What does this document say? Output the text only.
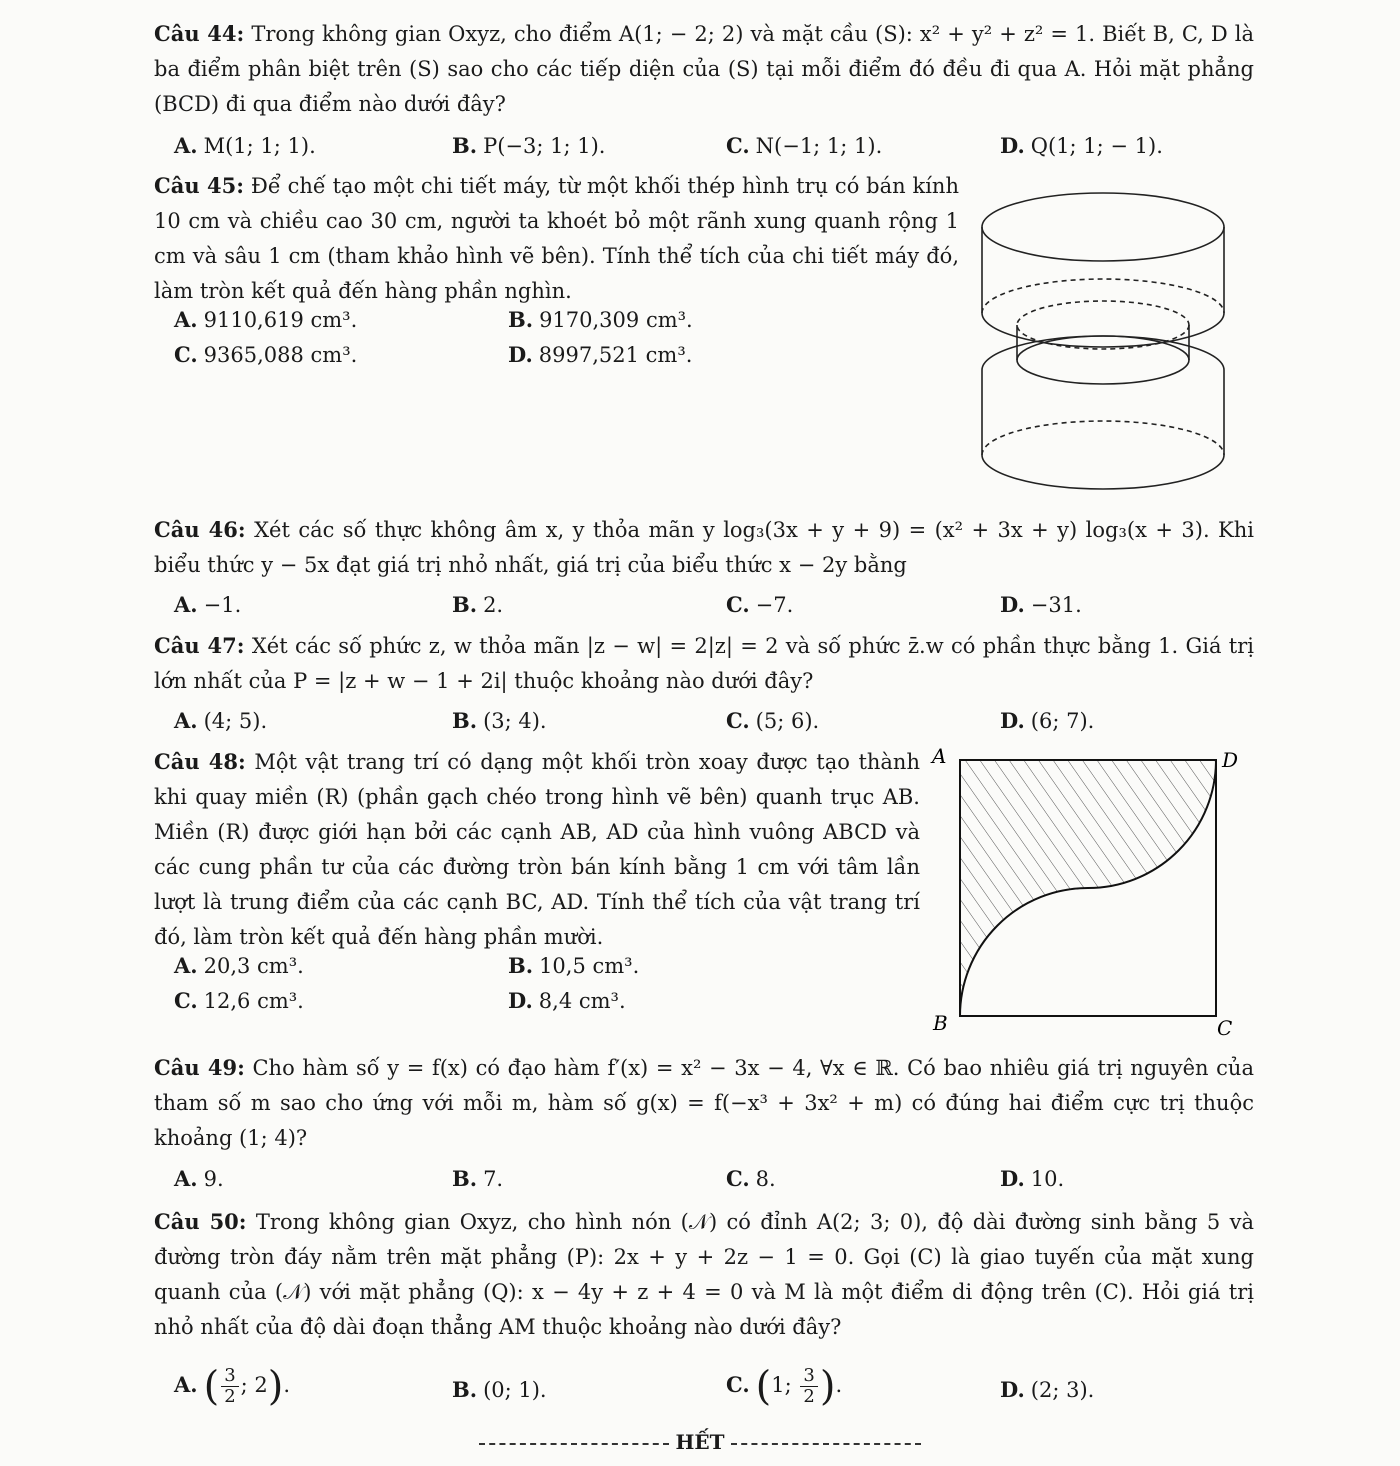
Câu 44: Trong không gian Oxyz, cho điểm A(1; − 2; 2) và mặt cầu (S): x² + y² + z² = 1. Biết B, C, D là ba điểm phân biệt trên (S) sao cho các tiếp diện của (S) tại mỗi điểm đó đều đi qua A. Hỏi mặt phẳng (BCD) đi qua điểm nào dưới đây?

A. M(1; 1; 1).	B. P(−3; 1; 1).	C. N(−1; 1; 1).	D. Q(1; 1; − 1).

Câu 45: Để chế tạo một chi tiết máy, từ một khối thép hình trụ có bán kính 10 cm và chiều cao 30 cm, người ta khoét bỏ một rãnh xung quanh rộng 1 cm và sâu 1 cm (tham khảo hình vẽ bên). Tính thể tích của chi tiết máy đó, làm tròn kết quả đến hàng phần nghìn.

A. 9110,619 cm³.	B. 9170,309 cm³.
C. 9365,088 cm³.	D. 8997,521 cm³.

Câu 46: Xét các số thực không âm x, y thỏa mãn y log₃(3x + y + 9) = (x² + 3x + y) log₃(x + 3). Khi biểu thức y − 5x đạt giá trị nhỏ nhất, giá trị của biểu thức x − 2y bằng

A. −1.	B. 2.	C. −7.	D. −31.

Câu 47: Xét các số phức z, w thỏa mãn |z − w| = 2|z| = 2 và số phức z̄.w có phần thực bằng 1. Giá trị lớn nhất của P = |z + w − 1 + 2i| thuộc khoảng nào dưới đây?

A. (4; 5).	B. (3; 4).	C. (5; 6).	D. (6; 7).

Câu 48: Một vật trang trí có dạng một khối tròn xoay được tạo thành khi quay miền (R) (phần gạch chéo trong hình vẽ bên) quanh trục AB. Miền (R) được giới hạn bởi các cạnh AB, AD của hình vuông ABCD và các cung phần tư của các đường tròn bán kính bằng 1 cm với tâm lần lượt là trung điểm của các cạnh BC, AD. Tính thể tích của vật trang trí đó, làm tròn kết quả đến hàng phần mười.

A. 20,3 cm³.	B. 10,5 cm³.
C. 12,6 cm³.	D. 8,4 cm³.
A	D
B	C

Câu 49: Cho hàm số y = f(x) có đạo hàm f′(x) = x² − 3x − 4, ∀x ∈ ℝ. Có bao nhiêu giá trị nguyên của tham số m sao cho ứng với mỗi m, hàm số g(x) = f(−x³ + 3x² + m) có đúng hai điểm cực trị thuộc khoảng (1; 4)?

A. 9.	B. 7.	C. 8.	D. 10.

Câu 50: Trong không gian Oxyz, cho hình nón (𝒩) có đỉnh A(2; 3; 0), độ dài đường sinh bằng 5 và đường tròn đáy nằm trên mặt phẳng (P): 2x + y + 2z − 1 = 0. Gọi (C) là giao tuyến của mặt xung quanh của (𝒩) với mặt phẳng (Q): x − 4y + z + 4 = 0 và M là một điểm di động trên (C). Hỏi giá trị nhỏ nhất của độ dài đoạn thẳng AM thuộc khoảng nào dưới đây?

A. ( $\frac{3}{2}$ ; 2).	B. (0; 1).	C. (1; $\frac{3}{2}$ ).	D. (2; 3).
HẾT
